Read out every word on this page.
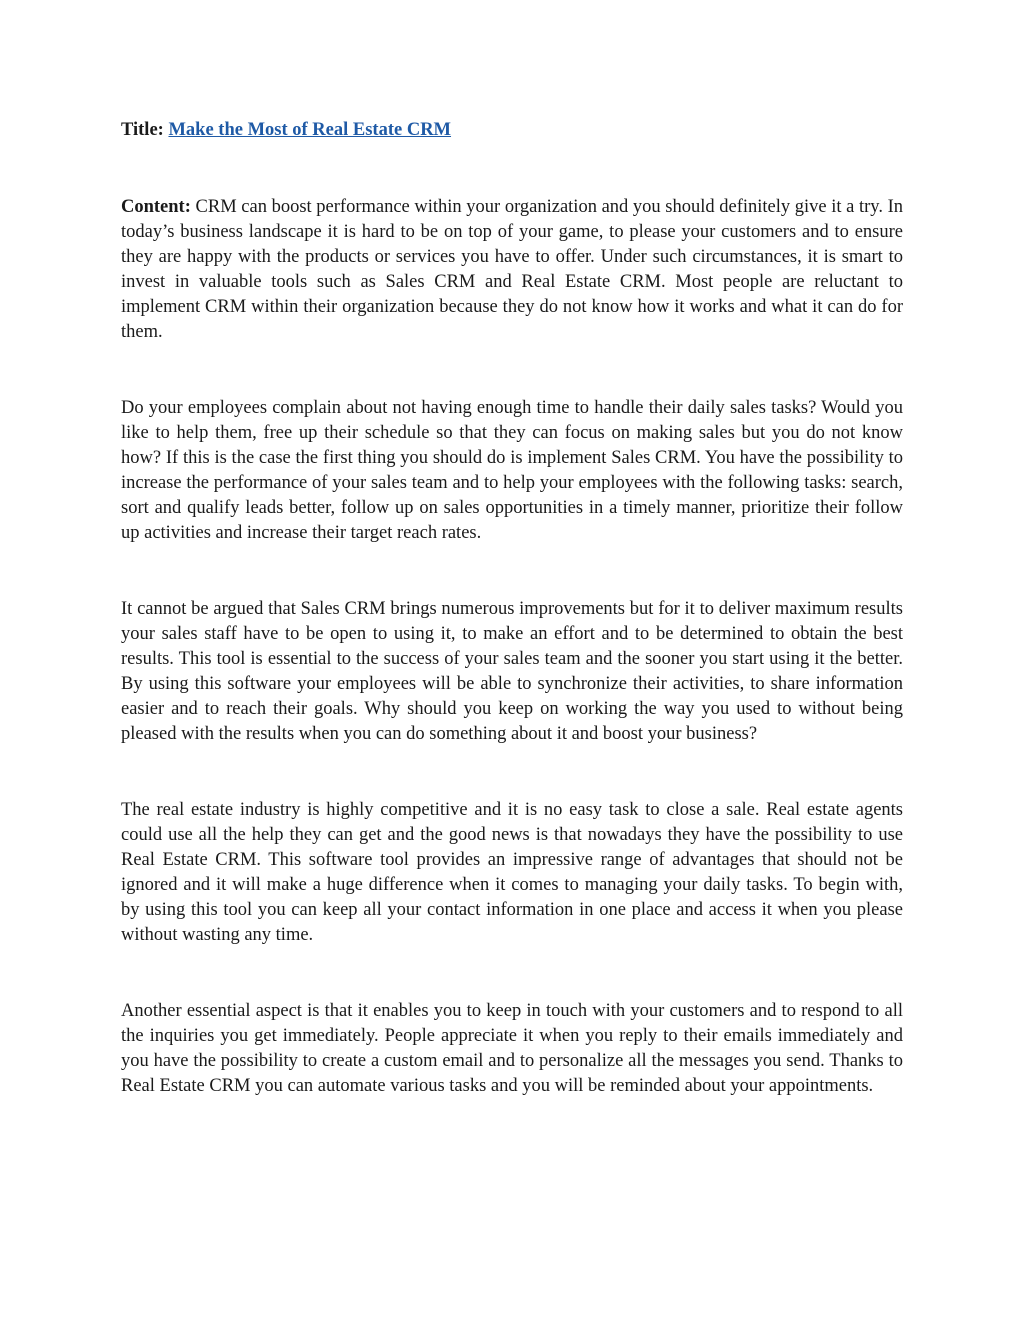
Title: Make the Most of Real Estate CRM

Content: CRM can boost performance within your organization and you should definitely give it a try. In today’s business landscape it is hard to be on top of your game, to please your customers and to ensure they are happy with the products or services you have to offer. Under such circumstances, it is smart to invest in valuable tools such as Sales CRM and Real Estate CRM. Most people are reluctant to implement CRM within their organization because they do not know how it works and what it can do for them.

Do your employees complain about not having enough time to handle their daily sales tasks? Would you like to help them, free up their schedule so that they can focus on making sales but you do not know how? If this is the case the first thing you should do is implement Sales CRM. You have the possibility to increase the performance of your sales team and to help your employees with the following tasks: search, sort and qualify leads better, follow up on sales opportunities in a timely manner, prioritize their follow up activities and increase their target reach rates.

It cannot be argued that Sales CRM brings numerous improvements but for it to deliver maximum results your sales staff have to be open to using it, to make an effort and to be determined to obtain the best results. This tool is essential to the success of your sales team and the sooner you start using it the better. By using this software your employees will be able to synchronize their activities, to share information easier and to reach their goals. Why should you keep on working the way you used to without being pleased with the results when you can do something about it and boost your business?

The real estate industry is highly competitive and it is no easy task to close a sale. Real estate agents could use all the help they can get and the good news is that nowadays they have the possibility to use Real Estate CRM. This software tool provides an impressive range of advantages that should not be ignored and it will make a huge difference when it comes to managing your daily tasks. To begin with, by using this tool you can keep all your contact information in one place and access it when you please without wasting any time.

Another essential aspect is that it enables you to keep in touch with your customers and to respond to all the inquiries you get immediately. People appreciate it when you reply to their emails immediately and you have the possibility to create a custom email and to personalize all the messages you send. Thanks to Real Estate CRM you can automate various tasks and you will be reminded about your appointments.
